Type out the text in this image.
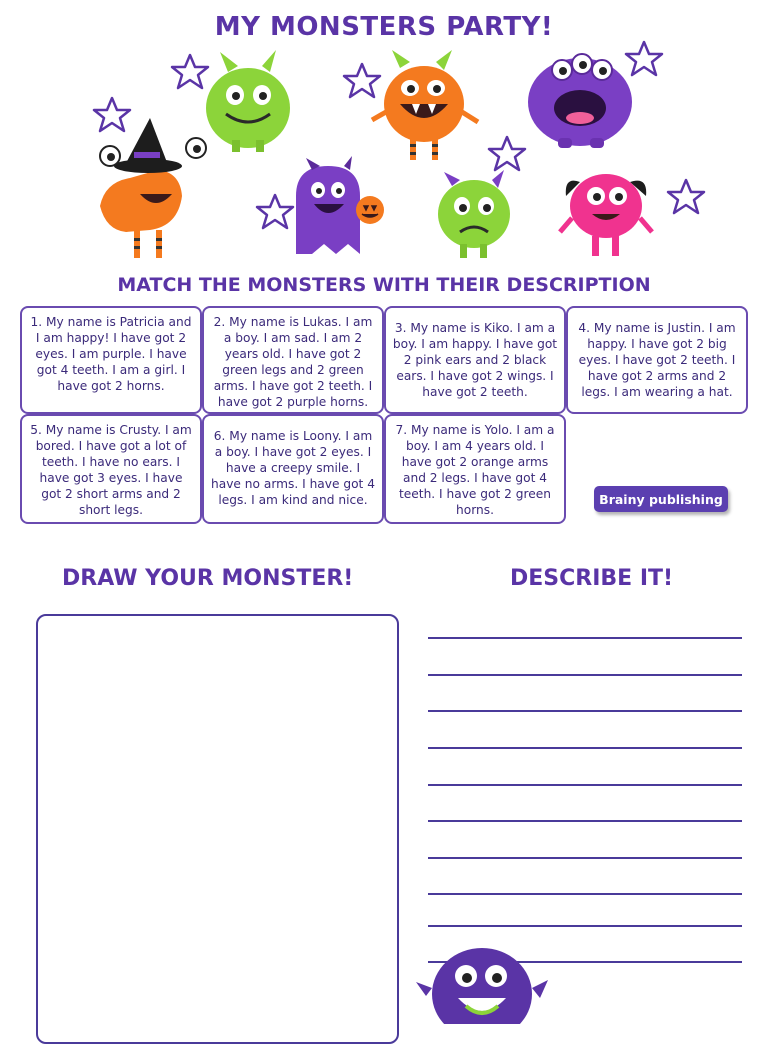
MY MONSTERS PARTY!
MATCH THE MONSTERS WITH THEIR DESCRIPTION
1. My name is Patricia and I am happy! I have got 2 eyes. I am purple. I have got 4 teeth. I am a girl. I have got 2 horns.
2. My name is Lukas. I am a boy. I am sad. I am 2 years old. I have got 2 green legs and 2 green arms. I have got 2 teeth. I have got 2 purple horns.
3. My name is Kiko. I am a boy. I am happy. I have got 2 pink ears and 2 black ears. I have got 2 wings. I have got 2 teeth.
4. My name is Justin. I am happy. I have got 2 big eyes. I have got 2 teeth. I have got 2 arms and 2 legs. I am wearing a hat.
5. My name is Crusty. I am bored. I have got a lot of teeth. I have no ears. I have got 3 eyes. I have got 2 short arms and 2 short legs.
6. My name is Loony. I am a boy. I have got 2 eyes. I have a creepy smile. I have no arms. I have got 4 legs. I am kind and nice.
7. My name is Yolo. I am a boy. I am 4 years old. I have got 2 orange arms and 2 legs. I have got 4 teeth. I have got 2 green horns.
Brainy publishing
DRAW YOUR MONSTER!	DESCRIBE IT!
